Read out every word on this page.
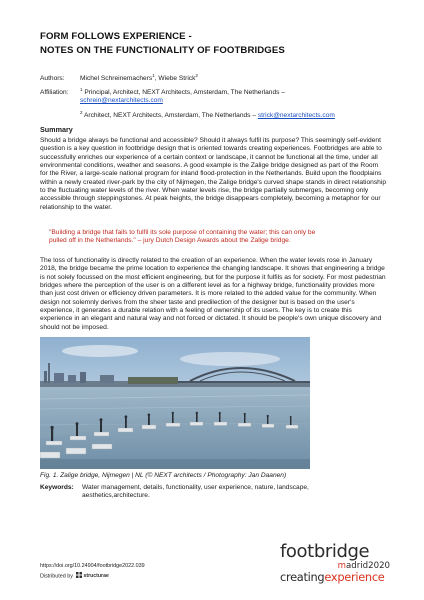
FORM FOLLOWS EXPERIENCE -
NOTES ON THE FUNCTIONALITY OF FOOTBRIDGES
Authors:	Michel Schreinemachers$^1$, Wiebe Strick$^2$
Affiliation:	$^1$ Principal, Architect, NEXT Architects, Amsterdam, The Netherlands –
schrein@nextarchitects.com
$^2$ Architect, NEXT Architects, Amsterdam, The Netherlands – strick@nextarchitects.com
Summary
Should a bridge always be functional and accessible? Should it always fulfil its purpose? This seemingly self-evident question is a key question in footbridge design that is oriented towards creating experiences. Footbridges are able to successfully enriches our experience of a certain context or landscape, it cannot be functional all the time, under all environmental conditions, weather and seasons. A good example is the Zalige bridge designed as part of the Room for the River, a large-scale national program for inland flood-protection in the Netherlands. Build upon the floodplains within a newly created river-park by the city of Nijmegen, the Zalige bridge's curved shape stands in direct relationship to the fluctuating water levels of the river. When water levels rise, the bridge partially submerges, becoming only accessible through steppingstones. At peak heights, the bridge disappears completely, becoming a metaphor for our relationship to the water.
"Building a bridge that fails to fulfil its sole purpose of containing the water; this can only be pulled off in the Netherlands." – jury Dutch Design Awards about the Zalige bridge.
The loss of functionality is directly related to the creation of an experience. When the water levels rose in January 2018, the bridge became the prime location to experience the changing landscape. It shows that engineering a bridge is not solely focussed on the most efficient engineering, but for the purpose it fulfils as for society. For most pedestrian bridges where the perception of the user is on a different level as for a highway bridge, functionality provides more than just cost driven or efficiency driven parameters. It is more related to the added value for the community. When design not solemnly derives from the sheer taste and predilection of the designer but is based on the user's experience, it generates a durable relation with a feeling of ownership of its users. The key is to create this experience in an elegant and natural way and not forced or dictated. It should be people's own unique discovery and should not be imposed.
Fig. 1. Zalige bridge, Nijmegen | NL (© NEXT architects / Photography: Jan Daanen)
Keywords: Water management, details, functionality, user experience, nature, landscape, aesthetics,architecture.
https://doi.org/10.24904/footbridge2022.039
Distributed by structurae
footbridge
madrid2020
creatingexperience
